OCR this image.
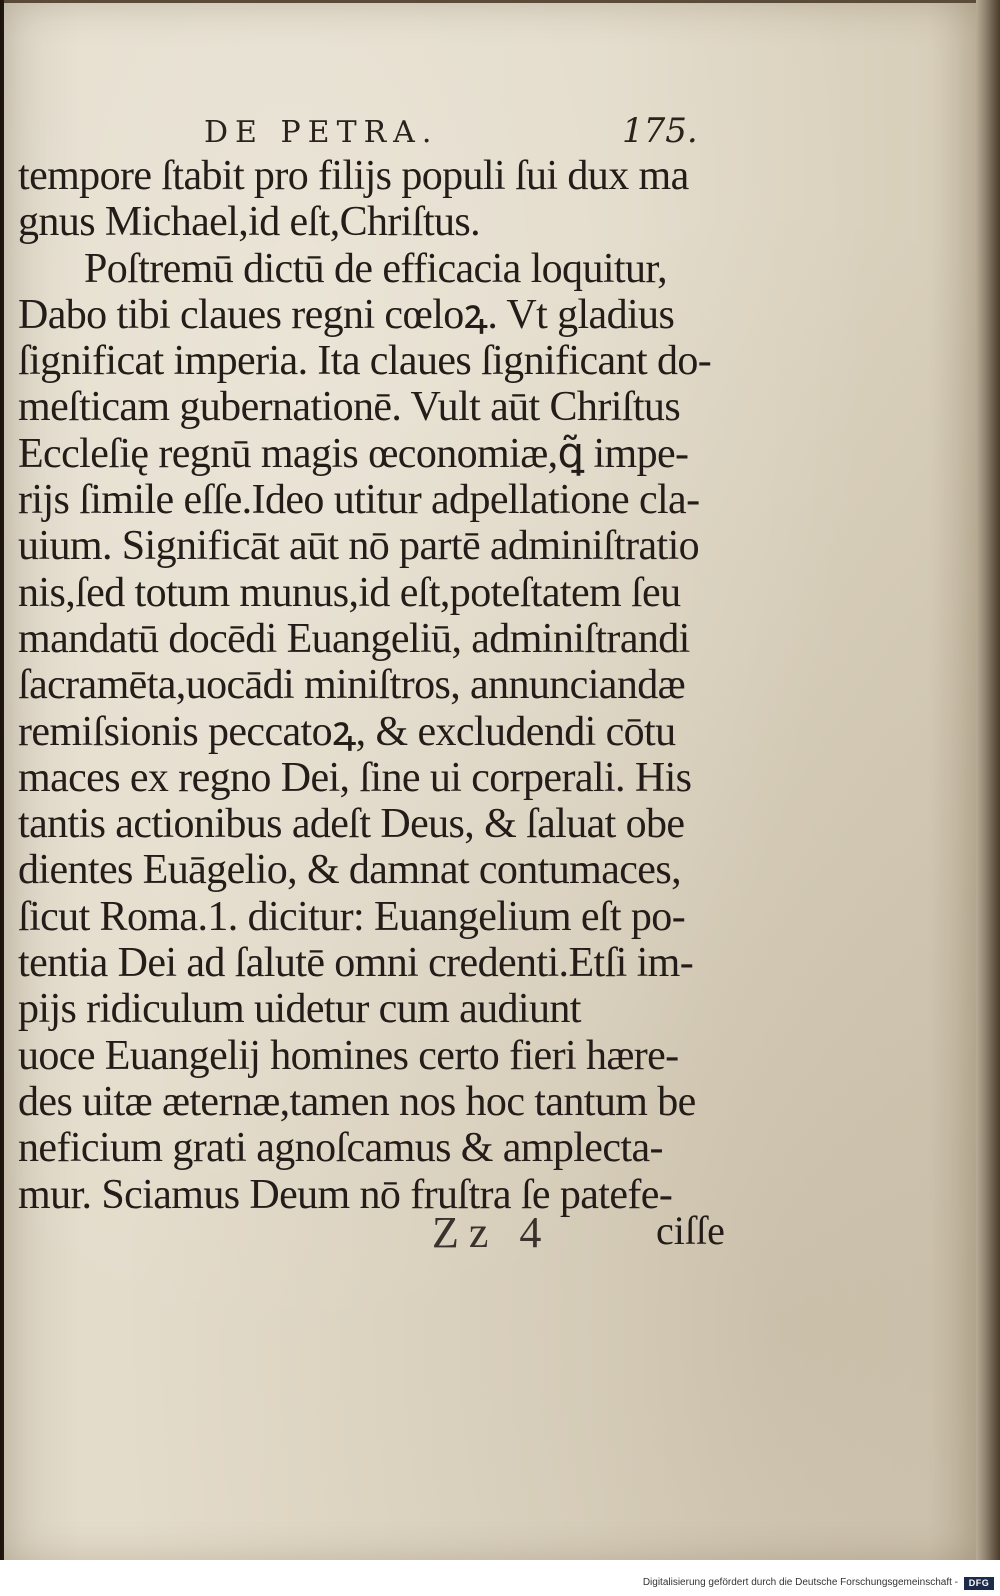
DE PETRA.	175.
tempore ſtabit pro filijs populi ſui dux ma
gnus Michael,id eſt,Chriſtus.
Poſtremū dictū de efficacia loquitur,
Dabo tibi claues regni cœloꝝ. Vt gladius
ſignificat imperia. Ita claues ſignificant do-
meſticam gubernationē. Vult aūt Chriſtus
Eccleſię regnū magis œconomiæ,ꝗ̃ impe-
rijs ſimile eſſe.Ideo utitur adpellatione cla-
uium. Significāt aūt nō partē adminiſtratio
nis,ſed totum munus,id eſt,poteſtatem ſeu
mandatū docēdi Euangeliū, adminiſtrandi
ſacramēta,uocādi miniſtros, annunciandæ
remiſsionis peccatoꝝ, & excludendi cōtu
maces ex regno Dei, ſine ui corperali. His
tantis actionibus adeſt Deus, & ſaluat obe
dientes Euāgelio, & damnat contumaces,
ſicut Roma.1. dicitur: Euangelium eſt po-
tentia Dei ad ſalutē omni credenti.Etſi im-
pijs ridiculum uidetur cum audiunt
uoce Euangelij homines certo fieri hære-
des uitæ æternæ,tamen nos hoc tantum be
neficium grati agnoſcamus & amplecta-
mur. Sciamus Deum nō fruſtra ſe patefe-
Zz 4	ciſſe
Digitalisierung gefördert durch die Deutsche Forschungsgemeinschaft -	DFG
